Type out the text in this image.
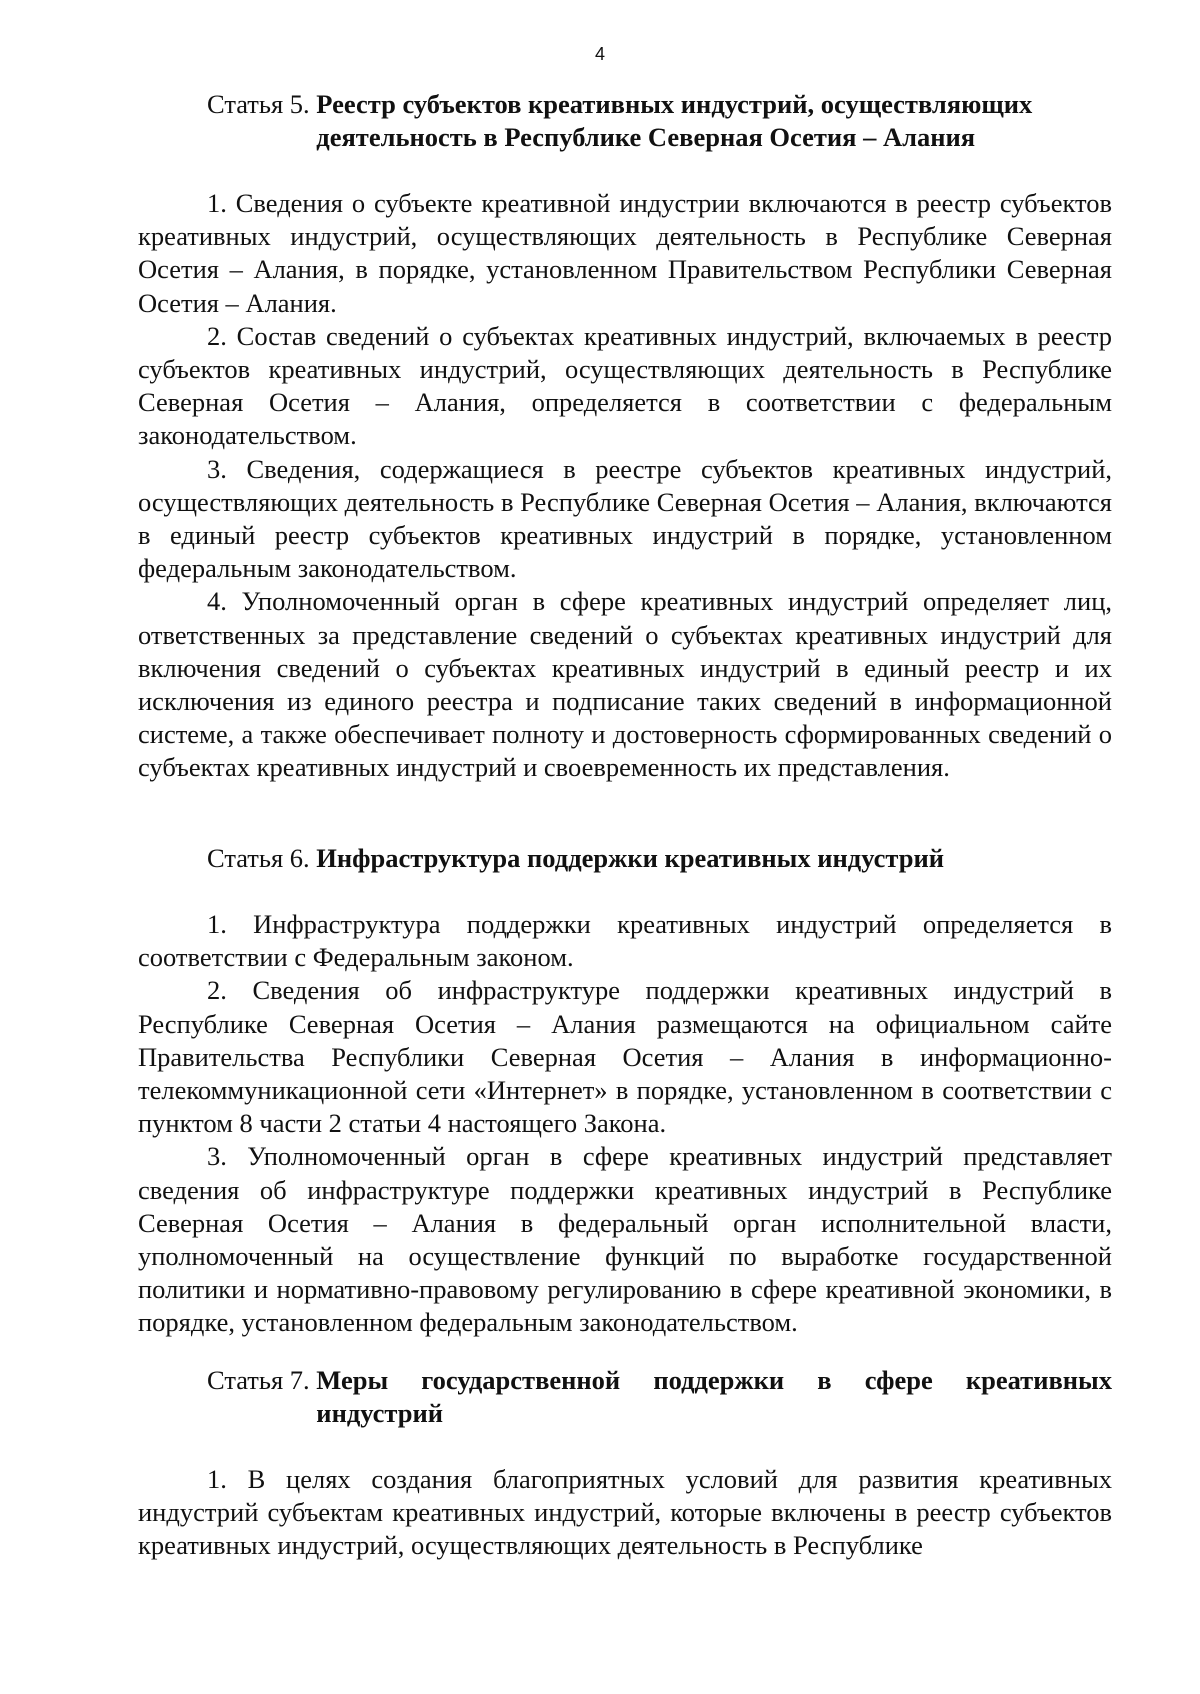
4
Статья 5. Реестр субъектов креативных индустрий, осуществляющих деятельность в Республике Северная Осетия – Алания

1. Сведения о субъекте креативной индустрии включаются в реестр субъектов креативных индустрий, осуществляющих деятельность в Республике Северная Осетия – Алания, в порядке, установленном Правительством Республики Северная Осетия – Алания.

2. Состав сведений о субъектах креативных индустрий, включаемых в реестр субъектов креативных индустрий, осуществляющих деятельность в Республике Северная Осетия – Алания, определяется в соответствии с федеральным законодательством.

3. Сведения, содержащиеся в реестре субъектов креативных индустрий, осуществляющих деятельность в Республике Северная Осетия – Алания, включаются в единый реестр субъектов креативных индустрий в порядке, установленном федеральным законодательством.

4. Уполномоченный орган в сфере креативных индустрий определяет лиц, ответственных за представление сведений о субъектах креативных индустрий для включения сведений о субъектах креативных индустрий в единый реестр и их исключения из единого реестра и подписание таких сведений в информационной системе, а также обеспечивает полноту и достоверность сформированных сведений о субъектах креативных индустрий и своевременность их представления.

Статья 6. Инфраструктура поддержки креативных индустрий

1. Инфраструктура поддержки креативных индустрий определяется в соответствии с Федеральным законом.

2. Сведения об инфраструктуре поддержки креативных индустрий в Республике Северная Осетия – Алания размещаются на официальном сайте Правительства Республики Северная Осетия – Алания в информационно-телекоммуникационной сети «Интернет» в порядке, установленном в соответствии с пунктом 8 части 2 статьи 4 настоящего Закона.

3. Уполномоченный орган в сфере креативных индустрий представляет сведения об инфраструктуре поддержки креативных индустрий в Республике Северная Осетия – Алания в федеральный орган исполнительной власти, уполномоченный на осуществление функций по выработке государственной политики и нормативно-правовому регулированию в сфере креативной экономики, в порядке, установленном федеральным законодательством.

Статья 7. Меры государственной поддержки в сфере креативных индустрий

1. В целях создания благоприятных условий для развития креативных индустрий субъектам креативных индустрий, которые включены в реестр субъектов креативных индустрий, осуществляющих деятельность в Республике
